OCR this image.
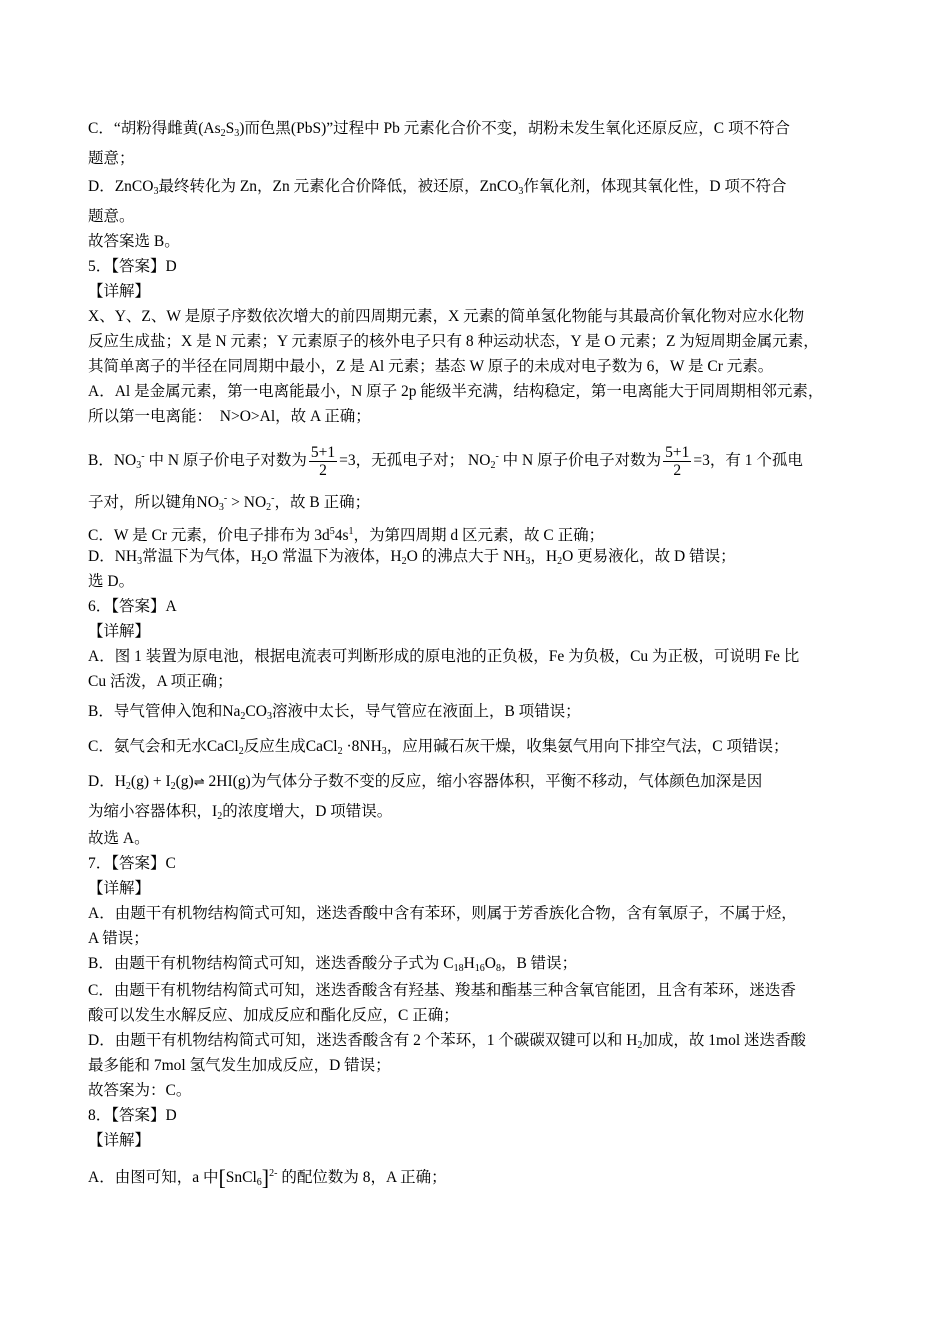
C．“胡粉得雌黄$(As_2S_3)$而色黑(PbS)”过程中 Pb 元素化合价不变，胡粉未发生氧化还原反应，C 项不符合
题意；
D．ZnCO$_3$最终转化为 Zn，Zn 元素化合价降低，被还原，ZnCO$_3$作氧化剂，体现其氧化性，D 项不符合
题意。
故答案选 B。
5．【答案】D
【详解】
X、Y、Z、W 是原子序数依次增大的前四周期元素，X 元素的简单氢化物能与其最高价氧化物对应水化物
反应生成盐；X 是 N 元素；Y 元素原子的核外电子只有 8 种运动状态，Y 是 O 元素；Z 为短周期金属元素，
其简单离子的半径在同周期中最小，Z 是 Al 元素；基态 W 原子的未成对电子数为 6，W 是 Cr 元素。
A．Al 是金属元素，第一电离能最小，N 原子 2p 能级半充满，结构稳定，第一电离能大于同周期相邻元素，
所以第一电离能： N>O>Al，故 A 正确；
B．$NO_3^-$ 中 N 原子价电子对数为 $\frac{5+1}{2} =3$，无孤电子对； $NO_2^-$ 中 N 原子价电子对数为 $\frac{5+1}{2} =3$，有 1 个孤电
子对，所以键角$NO_3^- > NO_2^-$，故 B 正确；
C．W 是 Cr 元素，价电子排布为 $3d^54s^1$，为第四周期 d 区元素，故 C 正确；
D．$NH_3$常温下为气体，$H_2O$ 常温下为液体，$H_2O$ 的沸点大于 $NH_3$，$H_2O$ 更易液化，故 D 错误；
选 D。
6．【答案】A
【详解】
A．图 1 装置为原电池，根据电流表可判断形成的原电池的正负极，Fe 为负极，Cu 为正极，可说明 Fe 比
Cu 活泼，A 项正确；
B．导气管伸入饱和$Na_2CO_3$溶液中太长，导气管应在液面上，B 项错误；
C．氨气会和无水CaCl$_2$反应生成CaCl$_2$ $\cdot 8NH_3$，应用碱石灰干燥，收集氨气用向下排空气法，C 项错误；
D．$H_2(g)$ + $I_2(g)\rightleftharpoons$ 2HI(g)为气体分子数不变的反应，缩小容器体积，平衡不移动，气体颜色加深是因
为缩小容器体积，$I_2$的浓度增大，D 项错误。
故选 A。
7．【答案】C
【详解】
A．由题干有机物结构简式可知，迷迭香酸中含有苯环，则属于芳香族化合物，含有氧原子，不属于烃，
A 错误；
B．由题干有机物结构简式可知，迷迭香酸分子式为 $C_{18}H_{16}O_8$，B 错误；
C．由题干有机物结构简式可知，迷迭香酸含有羟基、羧基和酯基三种含氧官能团，且含有苯环，迷迭香
酸可以发生水解反应、加成反应和酯化反应，C 正确；
D．由题干有机物结构简式可知，迷迭香酸含有 2 个苯环，1 个碳碳双键可以和 $H_2$加成，故 1mol 迷迭香酸
最多能和 7mol 氢气发生加成反应，D 错误；
故答案为：C。
8．【答案】D
【详解】
A．由图可知，a 中[SnCl$_6$]$^{2-}$ 的配位数为 8，A 正确；
